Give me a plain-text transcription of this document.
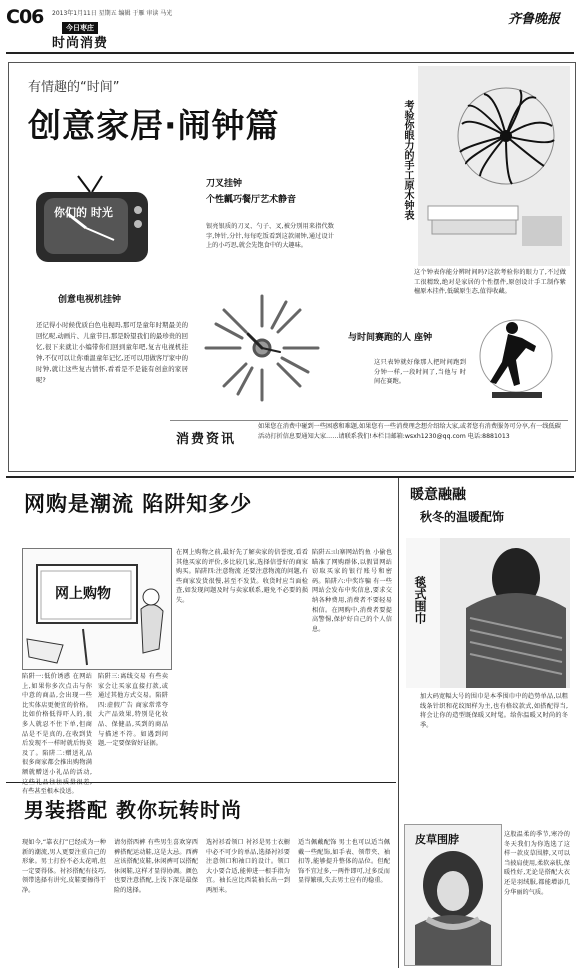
C06 2013年1月11日 星期五 编辑 于雁 审读 马光
今日枣庄
时尚消费
齐鲁晚报
有情趣的“时间”
创意家居·闹钟篇	考验你眼力的手工原木钟表
你们的 时光
创意电视机挂钟
还记得小时候优质白色电视吗,那可是童年时期最美的回忆呢,动画片、儿童节目,那是盼望我们的最珍贵的回忆,很下来就让小编带你们回到童年吧,复古电视机挂钟,不仅可以让你重温童年记忆,还可以用做客厅家中的时钟,就让这些复古情怀,看看是不是能有创意的家居呢?
刀叉挂钟
个性瓤巧餐厅艺术静音
银亮银质的刀叉、勺子、叉,被分别用来指代数字,钟针,分针,每每吃饭看到这款闹钟,通过设计上的小巧思,就会先饱食中的大趣味。
这个钟表你能分辨时间吗?这款考验你的眼力了,不过做工很精致,绝对是家居的个性摆件,原创设计手工制作紫檀原木挂件,低碳原生态,值得收藏。
与时间赛跑的人 座钟
这只表钟就好像那人把时间跑到分钟一样,一段时间了,当他与 时间在赛跑。
消费资讯
如果您在消费中碰到一些困惑和难题,如果您有一些消费理念想介绍给大家,或者您有消费服务可分享,有一线低碳活动打折信息要通知大家……请联系我们!本栏目邮箱:wsxh1230@qq.com 电话:8881013
网购是潮流 陷阱知多少
网上购物
陷阱一:低价诱惑 在网站上,如果你多次点击与你中意的商品,会出现一些比实体店更便宜的价格。比如价格低得吓人的,很多人就忍不住下单,但商品是不是真的,在收到货后发现不一样时就后悔莫及了。陷阱二:赠送礼品 很多商家都会推出购物满额就赠送小礼品的活动, 有些甚至根本没送。
陷阱三:离线交易 有些卖家会让买家直接打款,或通过其他方式交易。陷阱四:虚假广告 商家常常夸大产品效果,特别是化妆品、保健品,买到的商品与描述不符。如遇到问题,一定要保留好证据。
在网上购物之前,最好先了解卖家的信誉度,看看其他买家的评价,多比较几家,选择信誉好的商家购买。陷阱四:注意物流 还要注意物流的问题,有些商家发货很慢,甚至不发货。收货时应当面检查,如发现问题及时与卖家联系,避免不必要的损失。
陷阱五:山寨网站钓鱼 小偷也瞄准了网购群体,以假冒网站窃取买家的银行账号和密码。陷阱六:中奖诈骗 有一些网站会发布中奖信息,要求交纳各种费用,消费者不要轻易相信。在网购中,消费者要提高警惕,保护好自己的个人信息。
暖意融融
秋冬的温暖配饰
毯式围巾
加大码宽幅大号的围巾是本季围巾中的趋势单品,以粗线条针织和花纹图样为主,也有格纹款式,如搭配得当,将会让你的造型既保暖又时髦。给你温暖又时尚的冬季。
皮草围脖	这股温柔的季节,寒冷的冬天我们为你选选了这样一款皮草围脖,又可以当披肩使用,柔软亲肤,保暖性好,无论是搭配大衣还是羽绒服,都能增添几分华丽的气质。
男装搭配 教你玩转时尚
现如今,“靠衣打”已经成为一种新的潮流,男人更要注重自己的形象。男士打扮不必太花哨,但一定要得体。衬衫搭配有技巧,领带选择有讲究,皮鞋要擦得干净。
请勿搭西裤 有些男生喜欢穿西裤搭配运动鞋,这是大忌。西裤应该搭配皮鞋,休闲裤可以搭配休闲鞋,这样才显得协调。颜色也要注意搭配,上浅下深是最保险的选择。
选衬衫看领口 衬衫是男士衣橱中必不可少的单品,选择衬衫要注意领口和袖口的设计。领口大小要合适,能伸进一根手指为宜。袖长应比西装袖长出一到两厘米。
适当佩戴配饰 男士也可以适当佩戴一些配饰,如手表、领带夹、袖扣等,能够提升整体的品位。但配饰不宜过多,一两件即可,过多反而显得繁琐,失去男士应有的稳重。
